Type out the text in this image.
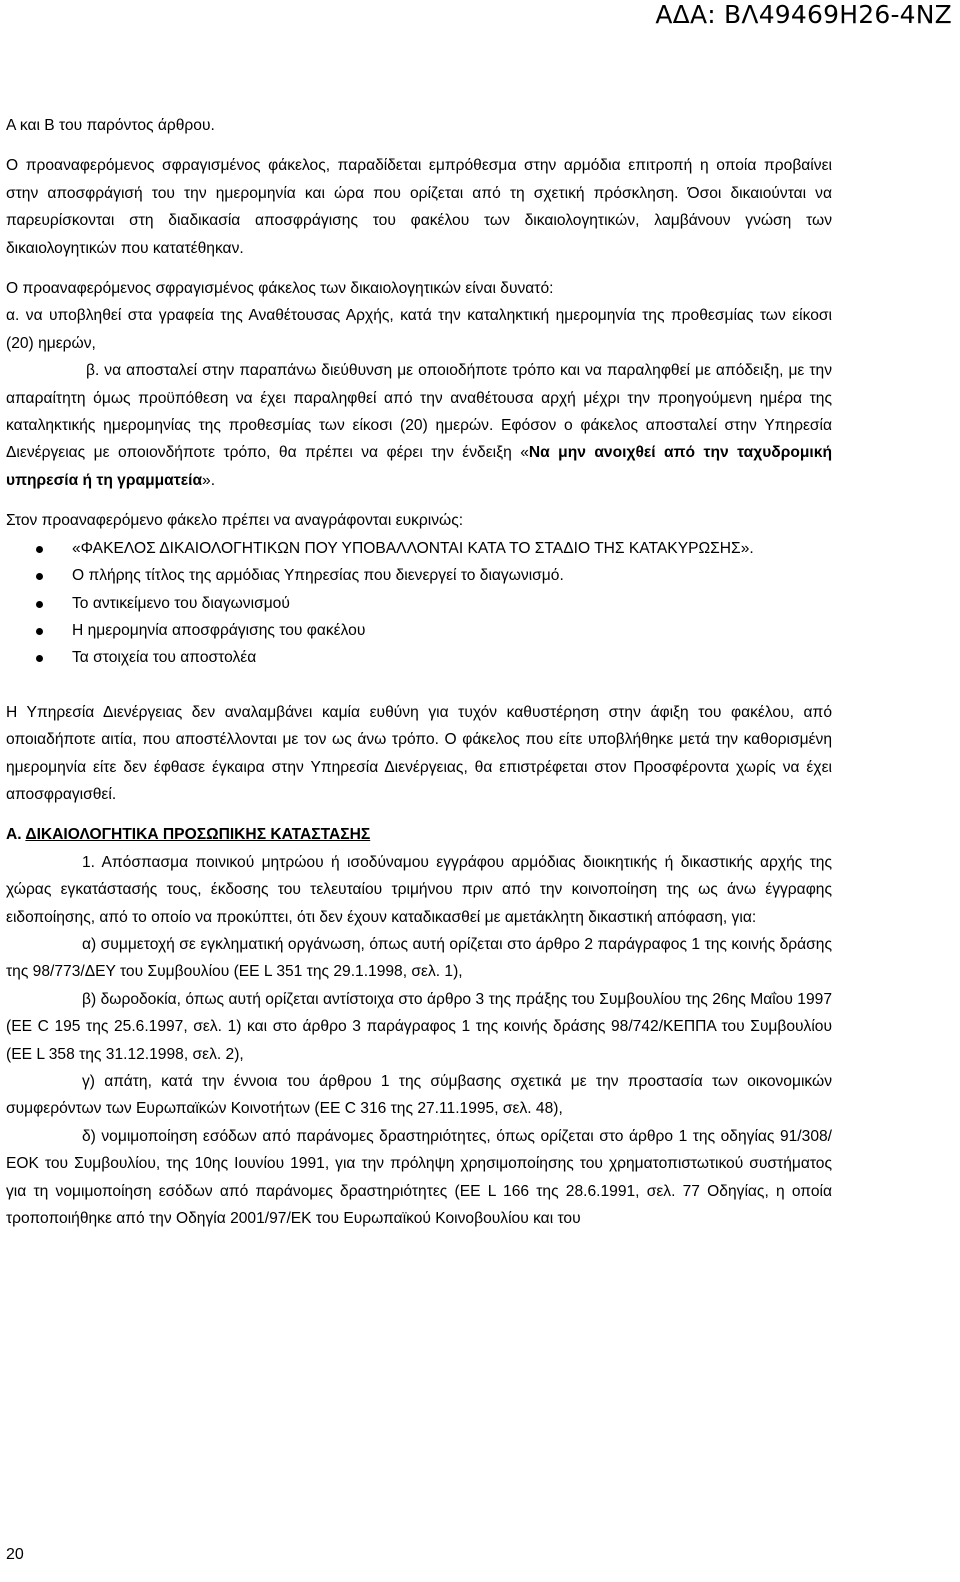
ΑΔΑ: ΒΛ49469Η26-4ΝΖ

Α και Β του παρόντος άρθρου.

Ο προαναφερόμενος σφραγισμένος φάκελος, παραδίδεται εμπρόθεσμα στην αρμόδια επιτροπή η οποία προβαίνει στην αποσφράγισή του την ημερομηνία και ώρα που ορίζεται από τη σχετική πρόσκληση. Όσοι δικαιούνται να παρευρίσκονται στη διαδικασία αποσφράγισης του φακέλου των δικαιολογητικών, λαμβάνουν γνώση των δικαιολογητικών που κατατέθηκαν.

Ο προαναφερόμενος σφραγισμένος φάκελος των δικαιολογητικών είναι δυνατό:

α. να υποβληθεί στα γραφεία της Αναθέτουσας Αρχής, κατά την καταληκτική ημερομηνία της προθεσμίας των είκοσι (20) ημερών,

β. να αποσταλεί στην παραπάνω διεύθυνση με οποιοδήποτε τρόπο και να παραληφθεί με απόδειξη, με την απαραίτητη όμως προϋπόθεση να έχει παραληφθεί από την αναθέτουσα αρχή μέχρι την προηγούμενη ημέρα της καταληκτικής ημερομηνίας της προθεσμίας των είκοσι (20) ημερών. Εφόσον ο φάκελος αποσταλεί στην Υπηρεσία Διενέργειας με οποιονδήποτε τρόπο, θα πρέπει να φέρει την ένδειξη «Να μην ανοιχθεί από την ταχυδρομική υπηρεσία ή τη γραμματεία».

Στον προαναφερόμενο φάκελο πρέπει να αναγράφονται ευκρινώς:

«ΦΑΚΕΛΟΣ ΔΙΚΑΙΟΛΟΓΗΤΙΚΩΝ ΠΟΥ ΥΠΟΒΑΛΛΟΝΤΑΙ ΚΑΤΑ ΤΟ ΣΤΑΔΙΟ ΤΗΣ ΚΑΤΑΚΥΡΩΣΗΣ».
Ο πλήρης τίτλος της αρμόδιας Υπηρεσίας που διενεργεί το διαγωνισμό.
Το αντικείμενο του διαγωνισμού
Η ημερομηνία αποσφράγισης του φακέλου
Τα στοιχεία του αποστολέα

Η Υπηρεσία Διενέργειας δεν αναλαμβάνει καμία ευθύνη για τυχόν καθυστέρηση στην άφιξη του φακέλου, από οποιαδήποτε αιτία, που αποστέλλονται με τον ως άνω τρόπο. Ο φάκελος που είτε υποβλήθηκε μετά την καθορισμένη ημερομηνία είτε δεν έφθασε έγκαιρα στην Υπηρεσία Διενέργειας, θα επιστρέφεται στον Προσφέροντα χωρίς να έχει αποσφραγισθεί.

Α. ΔΙΚΑΙΟΛΟΓΗΤΙΚΑ ΠΡΟΣΩΠΙΚΗΣ ΚΑΤΑΣΤΑΣΗΣ

1. Απόσπασμα ποινικού μητρώου ή ισοδύναμου εγγράφου αρμόδιας διοικητικής ή δικαστικής αρχής της χώρας εγκατάστασής τους, έκδοσης του τελευταίου τριμήνου πριν από την κοινοποίηση της ως άνω έγγραφης ειδοποίησης, από το οποίο να προκύπτει, ότι δεν έχουν καταδικασθεί με αμετάκλητη δικαστική απόφαση, για:

α) συμμετοχή σε εγκληματική οργάνωση, όπως αυτή ορίζεται στο άρθρο 2 παράγραφος 1 της κοινής δράσης της 98/773/ΔΕΥ του Συμβουλίου (ΕΕ L 351 της 29.1.1998, σελ. 1),

β) δωροδοκία, όπως αυτή ορίζεται αντίστοιχα στο άρθρο 3 της πράξης του Συμβουλίου της 26ης Μαΐου 1997 (ΕΕ C 195 της 25.6.1997, σελ. 1) και στο άρθρο 3 παράγραφος 1 της κοινής δράσης 98/742/ΚΕΠΠΑ του Συμβουλίου (ΕΕ L 358 της 31.12.1998, σελ. 2),

γ) απάτη, κατά την έννοια του άρθρου 1 της σύμβασης σχετικά με την προστασία των οικονομικών συμφερόντων των Ευρωπαϊκών Κοινοτήτων (ΕΕ C 316 της 27.11.1995, σελ. 48),

δ) νομιμοποίηση εσόδων από παράνομες δραστηριότητες, όπως ορίζεται στο άρθρο 1 της οδηγίας 91/308/ΕΟΚ του Συμβουλίου, της 10ης Ιουνίου 1991, για την πρόληψη χρησιμοποίησης του χρηματοπιστωτικού συστήματος για τη νομιμοποίηση εσόδων από παράνομες δραστηριότητες (ΕΕ L 166 της 28.6.1991, σελ. 77 Οδηγίας, η οποία τροποποιήθηκε από την Οδηγία 2001/97/ΕΚ του Ευρωπαϊκού Κοινοβουλίου και του

20
